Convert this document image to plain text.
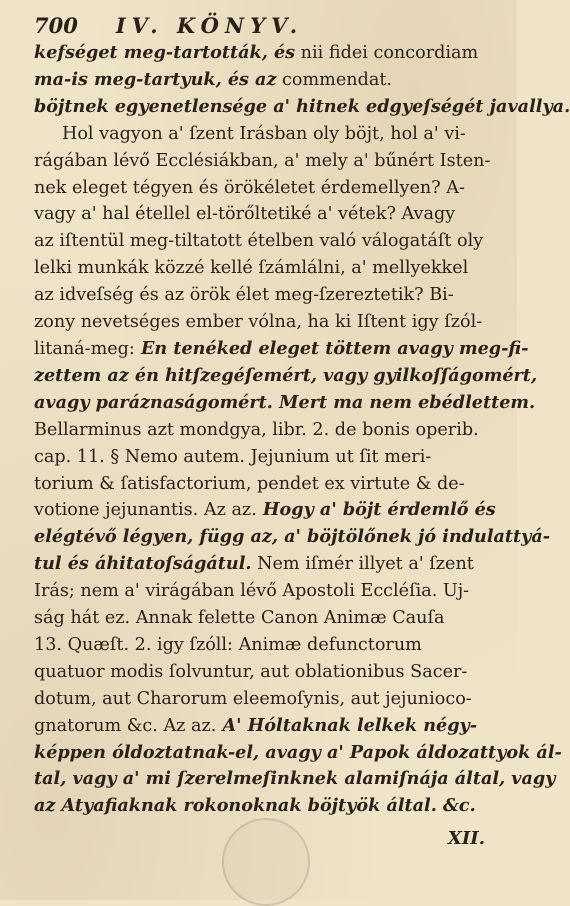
700 IV. KÖNYV.
kefséget meg-tartották, és nii fidei concordiam
ma-is meg-tartyuk, és az commendat.
böjtnek egyenetlensége a' hitnek edgyeſségét javallya.
Hol vagyon a' ſzent Irásban oly böjt, hol a' vi-
rágában lévő Ecclésiákban, a' mely a' bűnért Isten-
nek eleget tégyen és örökéletet érdemellyen? A-
vagy a' hal étellel el-törőltetiké a' vétek? Avagy
az iſtentül meg-tiltatott ételben való válogatáſt oly
lelki munkák közzé kellé ſzámlálni, a' mellyekkel
az idveſség és az örök élet meg-ſzereztetik? Bi-
zony nevetséges ember vólna, ha ki Iſtent igy ſzól-
litaná-meg: En tenéked eleget töttem avagy meg-fi-
zettem az én hitſzegéſemért, vagy gyilkoſſágomért,
avagy paráznaságomért. Mert ma nem ebédlettem.
Bellarminus azt mondgya, libr. 2. de bonis operib.
cap. 11. § Nemo autem. Jejunium ut ſit meri-
torium & ſatisfactorium, pendet ex virtute & de-
votione jejunantis. Az az. Hogy a' böjt érdemlő és
elégtévő légyen, függ az, a' böjtölőnek jó indulattyá-
tul és áhitatoſságátul. Nem iſmér illyet a' ſzent
Irás; nem a' virágában lévő Apostoli Eccléſia. Uj-
ság hát ez. Annak felette Canon Animæ Cauſa
13. Quæſt. 2. igy ſzóll: Animæ defunctorum
quatuor modis ſolvuntur, aut oblationibus Sacer-
dotum, aut Charorum eleemoſynis, aut jejunioco-
gnatorum &c. Az az. A' Hóltaknak lelkek négy-
képpen óldoztatnak-el, avagy a' Papok áldozattyok ál-
tal, vagy a' mi ſzerelmeſinknek alamiſnája által, vagy
az Atyafiaknak rokonoknak böjtyök által. &c.
XII.
